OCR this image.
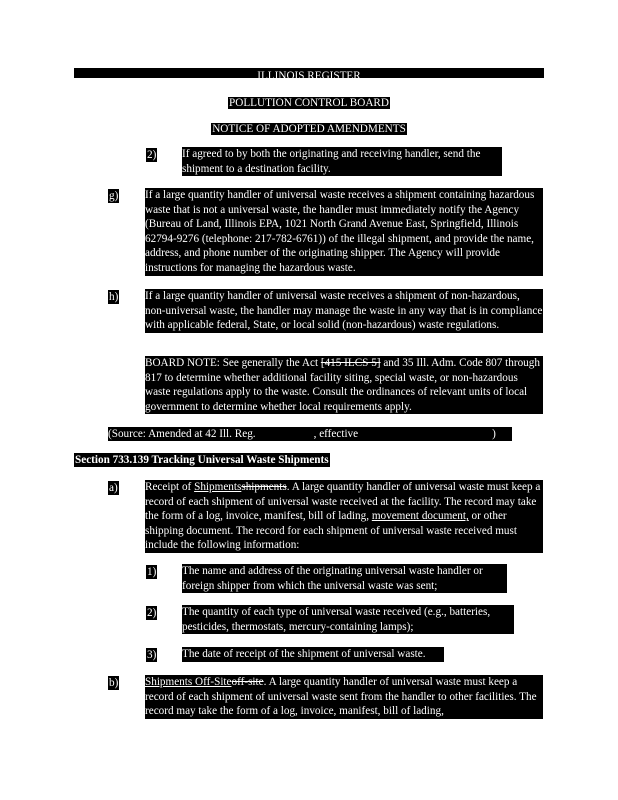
ILLINOIS REGISTER
POLLUTION CONTROL BOARD
NOTICE OF ADOPTED AMENDMENTS
2) If agreed to by both the originating and receiving handler, send the shipment to a destination facility.
g) If a large quantity handler of universal waste receives a shipment containing hazardous waste that is not a universal waste, the handler must immediately notify the Agency (Bureau of Land, Illinois EPA, 1021 North Grand Avenue East, Springfield, Illinois 62794-9276 (telephone: 217-782-6761)) of the illegal shipment, and provide the name, address, and phone number of the originating shipper. The Agency will provide instructions for managing the hazardous waste.
h) If a large quantity handler of universal waste receives a shipment of non-hazardous, non-universal waste, the handler may manage the waste in any way that is in compliance with applicable federal, State, or local solid (non-hazardous) waste regulations.
BOARD NOTE: See generally the Act [415 ILCS 5] and 35 Ill. Adm. Code 807 through 817 to determine whether additional facility siting, special waste, or non-hazardous waste regulations apply to the waste. Consult the ordinances of relevant units of local government to determine whether local requirements apply.
(Source: Amended at 42 Ill. Reg.	, effective	)
Section 733.139 Tracking Universal Waste Shipments
a) Receipt of Shipmentsshipments. A large quantity handler of universal waste must keep a record of each shipment of universal waste received at the facility. The record may take the form of a log, invoice, manifest, bill of lading, movement document, or other shipping document. The record for each shipment of universal waste received must include the following information:
1) The name and address of the originating universal waste handler or foreign shipper from which the universal waste was sent;
2) The quantity of each type of universal waste received (e.g., batteries, pesticides, thermostats, mercury-containing lamps);
3) The date of receipt of the shipment of universal waste.
b) Shipments Off-Siteoff-site. A large quantity handler of universal waste must keep a record of each shipment of universal waste sent from the handler to other facilities. The record may take the form of a log, invoice, manifest, bill of lading,
